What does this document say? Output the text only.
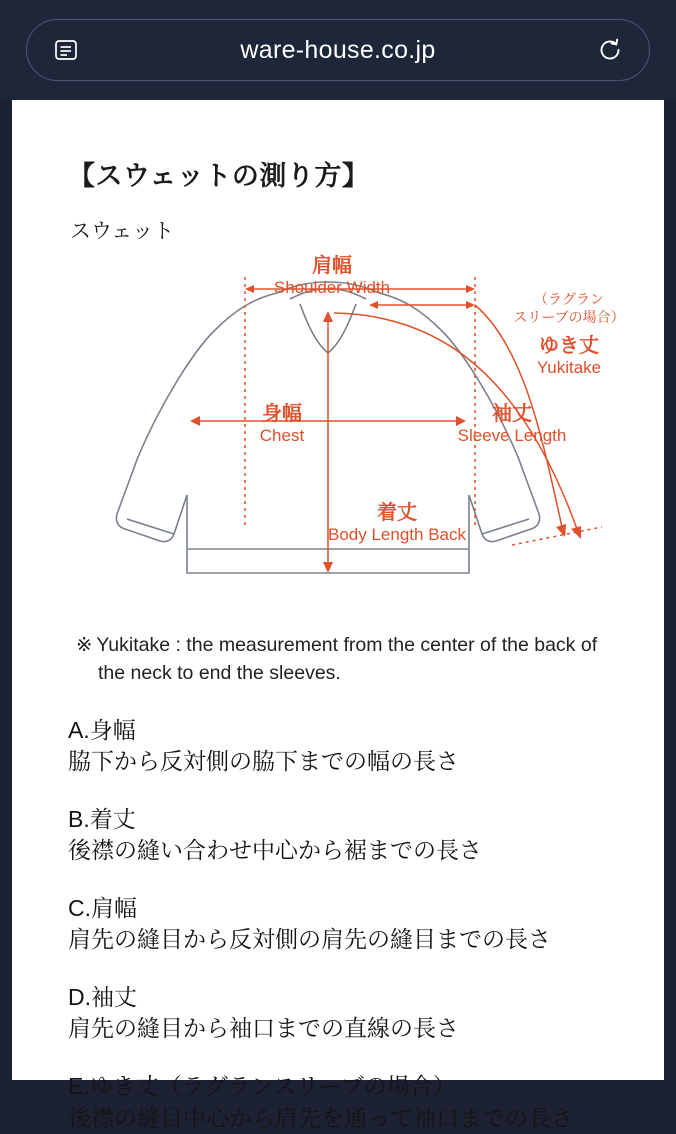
ware-house.co.jp
【スウェットの測り方】
スウェット
肩幅
Shoulder Width
身幅
Chest
袖丈
Sleeve Length
着丈
Body Length Back
ゆき丈
Yukitake
（ラグラン
スリーブの場合）
※ Yukitake : the measurement from the center of the back of
the neck to end the sleeves.
A.身幅
脇下から反対側の脇下までの幅の長さ
B.着丈
後襟の縫い合わせ中心から裾までの長さ
C.肩幅
肩先の縫目から反対側の肩先の縫目までの長さ
D.袖丈
肩先の縫目から袖口までの直線の長さ
E.ゆき丈（ラグランスリーブの場合）
後襟の縫目中心から肩先を通って袖口までの長さ
